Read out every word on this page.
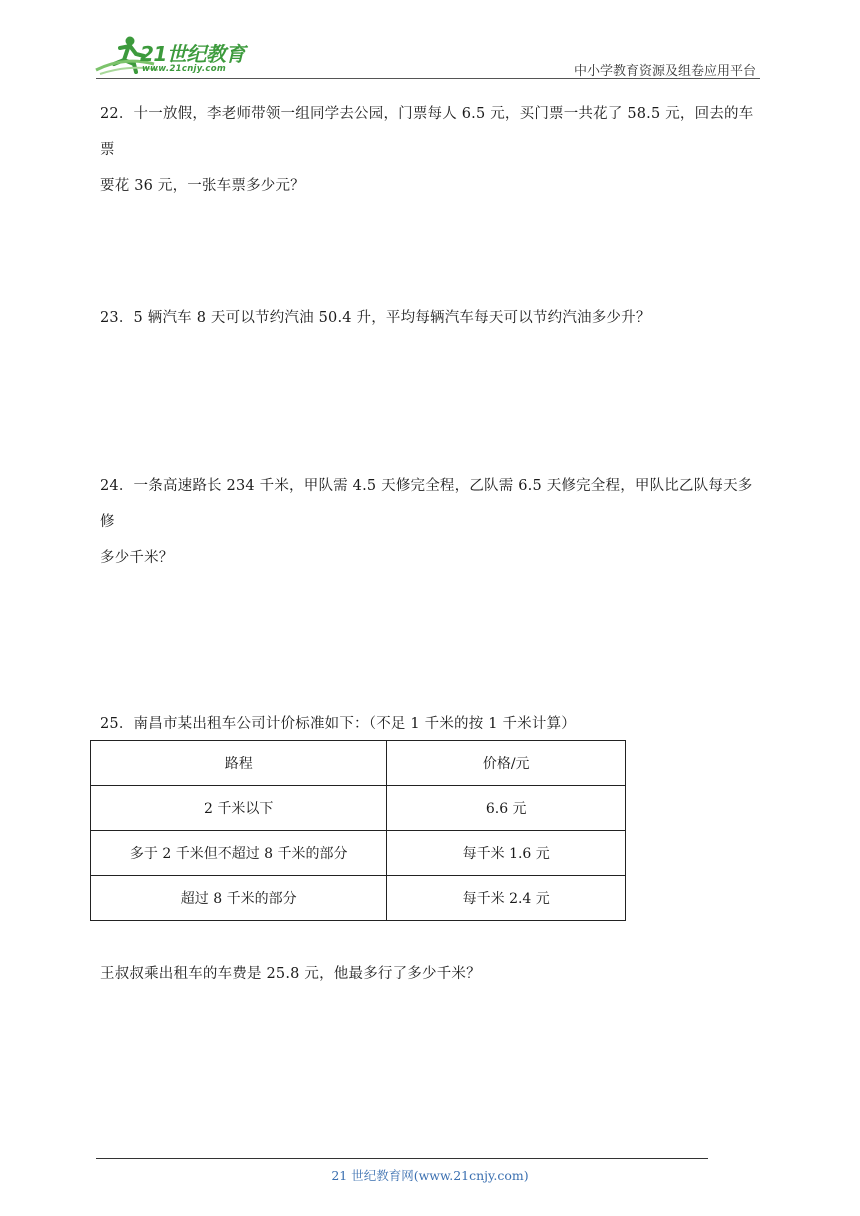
21世纪教育
www.21cnjy.com	中小学教育资源及组卷应用平台
22．十一放假，李老师带领一组同学去公园，门票每人 6.5 元，买门票一共花了 58.5 元，回去的车票
要花 36 元，一张车票多少元？
23．5 辆汽车 8 天可以节约汽油 50.4 升，平均每辆汽车每天可以节约汽油多少升？
24．一条高速路长 234 千米，甲队需 4.5 天修完全程，乙队需 6.5 天修完全程，甲队比乙队每天多修
多少千米？
25．南昌市某出租车公司计价标准如下：（不足 1 千米的按 1 千米计算）
路程	价格/元
2 千米以下	6.6 元
多于 2 千米但不超过 8 千米的部分	每千米 1.6 元
超过 8 千米的部分	每千米 2.4 元
王叔叔乘出租车的车费是 25.8 元，他最多行了多少千米？
21 世纪教育网(www.21cnjy.com)
